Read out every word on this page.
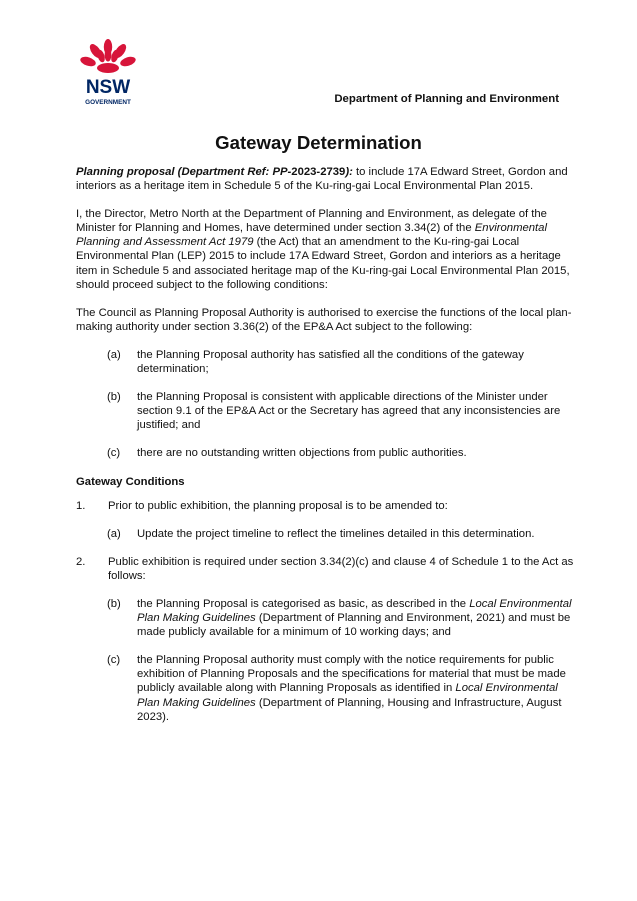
NSW
GOVERNMENT	Department of Planning and Environment
Gateway Determination

Planning proposal (Department Ref: PP-2023-2739): to include 17A Edward Street, Gordon and interiors as a heritage item in Schedule 5 of the Ku-ring-gai Local Environmental Plan 2015.

I, the Director, Metro North at the Department of Planning and Environment, as delegate of the Minister for Planning and Homes, have determined under section 3.34(2) of the Environmental Planning and Assessment Act 1979 (the Act) that an amendment to the Ku-ring-gai Local Environmental Plan (LEP) 2015 to include 17A Edward Street, Gordon and interiors as a heritage item in Schedule 5 and associated heritage map of the Ku-ring-gai Local Environmental Plan 2015, should proceed subject to the following conditions:

The Council as Planning Proposal Authority is authorised to exercise the functions of the local plan-making authority under section 3.36(2) of the EP&A Act subject to the following:

(a)	the Planning Proposal authority has satisfied all the conditions of the gateway determination;
(b)	the Planning Proposal is consistent with applicable directions of the Minister under section 9.1 of the EP&A Act or the Secretary has agreed that any inconsistencies are justified; and
(c)	there are no outstanding written objections from public authorities.
Gateway Conditions
1.	Prior to public exhibition, the planning proposal is to be amended to:
(a)	Update the project timeline to reflect the timelines detailed in this determination.
2.	Public exhibition is required under section 3.34(2)(c) and clause 4 of Schedule 1 to the Act as follows:
(b)	the Planning Proposal is categorised as basic, as described in the Local Environmental Plan Making Guidelines (Department of Planning and Environment, 2021) and must be made publicly available for a minimum of 10 working days; and
(c)	the Planning Proposal authority must comply with the notice requirements for public exhibition of Planning Proposals and the specifications for material that must be made publicly available along with Planning Proposals as identified in Local Environmental Plan Making Guidelines (Department of Planning, Housing and Infrastructure, August 2023).
